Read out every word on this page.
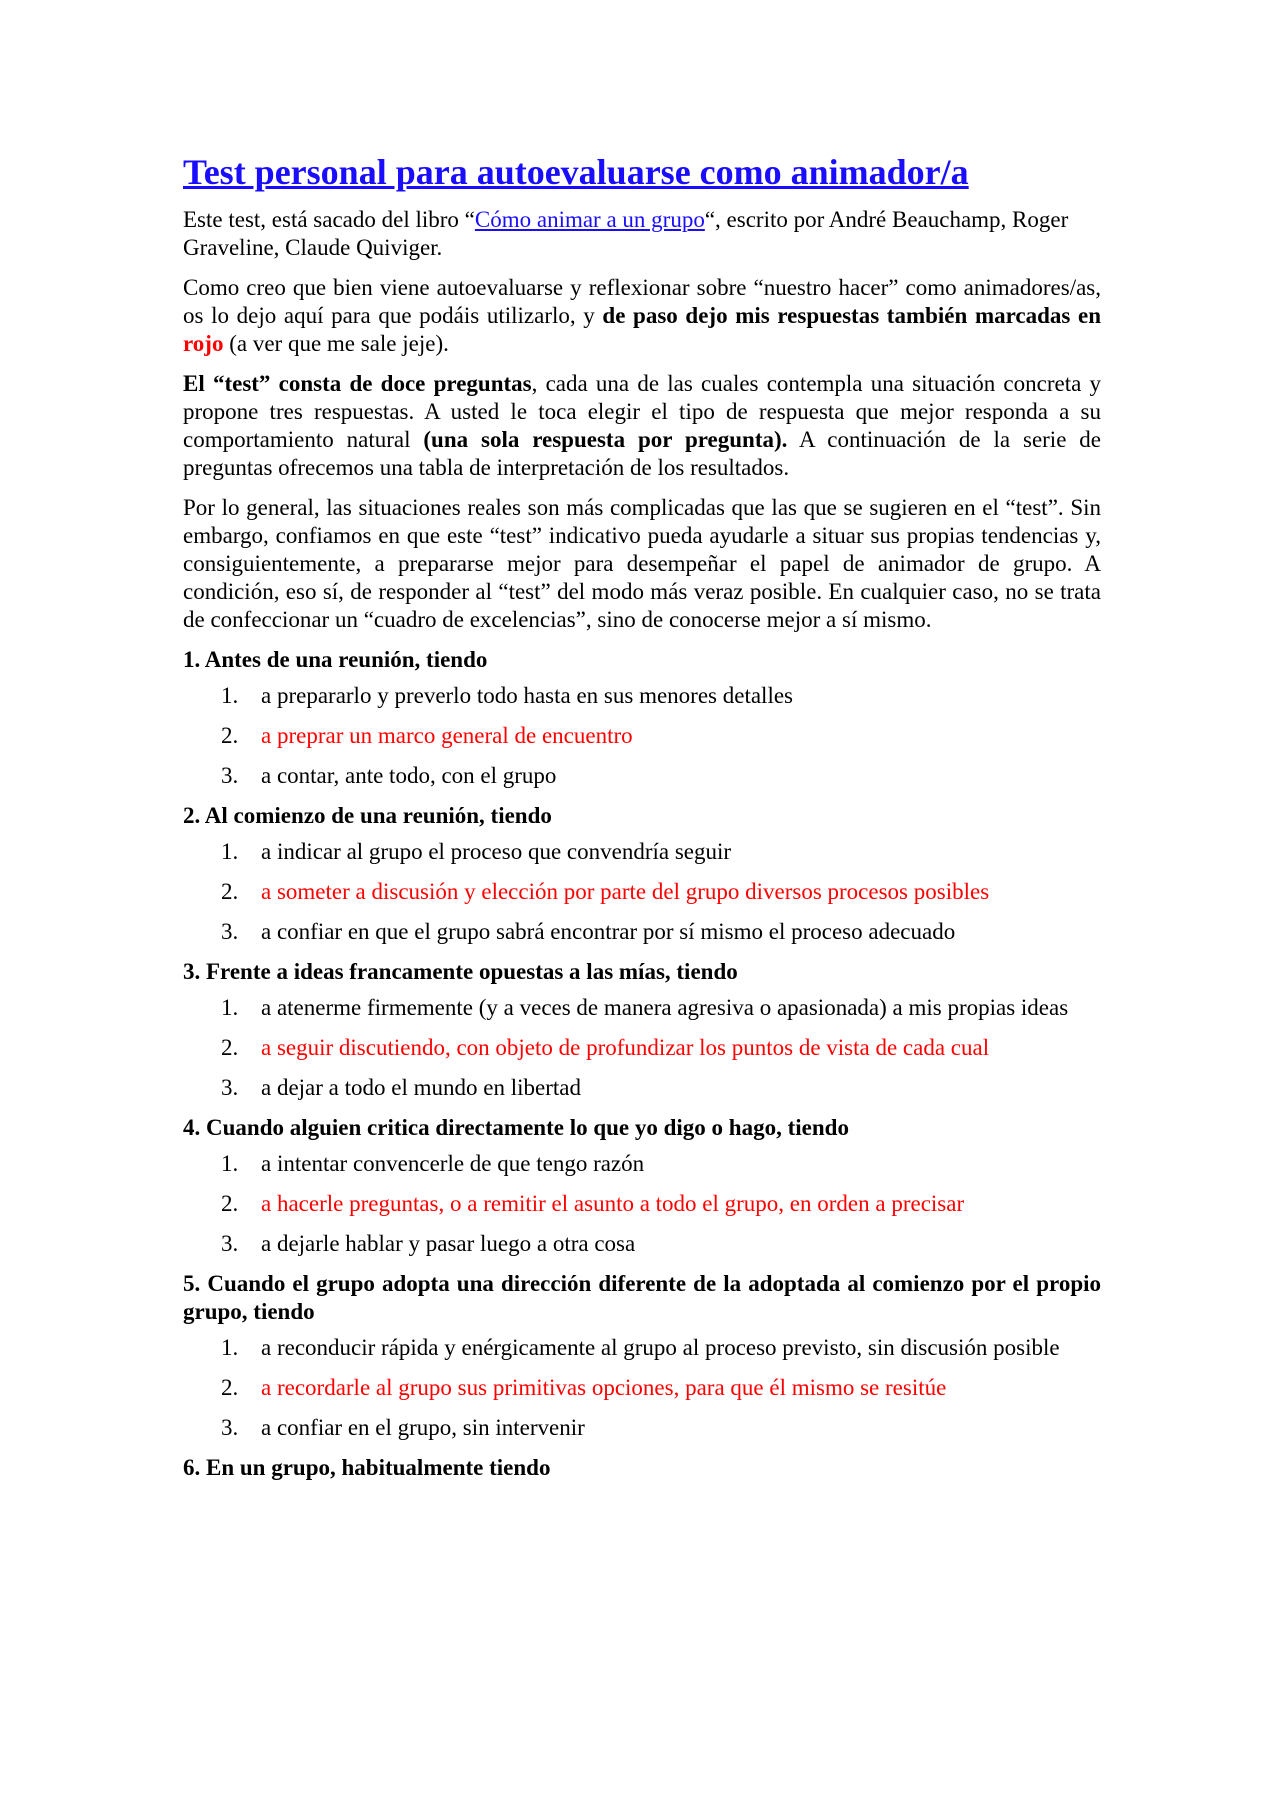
Test personal para autoevaluarse como animador/a

Este test, está sacado del libro “Cómo animar a un grupo“, escrito por André Beauchamp, Roger Graveline, Claude Quiviger.

Como creo que bien viene autoevaluarse y reflexionar sobre “nuestro hacer” como animadores/as, os lo dejo aquí para que podáis utilizarlo, y de paso dejo mis respuestas también marcadas en rojo (a ver que me sale jeje).

El “test” consta de doce preguntas, cada una de las cuales contempla una situación concreta y propone tres respuestas. A usted le toca elegir el tipo de respuesta que mejor responda a su comportamiento natural (una sola respuesta por pregunta). A continuación de la serie de preguntas ofrecemos una tabla de interpretación de los resultados.

Por lo general, las situaciones reales son más complicadas que las que se sugieren en el “test”. Sin embargo, confiamos en que este “test” indicativo pueda ayudarle a situar sus propias tendencias y, consiguientemente, a prepararse mejor para desempeñar el papel de animador de grupo. A condición, eso sí, de responder al “test” del modo más veraz posible. En cualquier caso, no se trata de confeccionar un “cuadro de excelencias”, sino de conocerse mejor a sí mismo.

1. Antes de una reunión, tiendo
1. a prepararlo y preverlo todo hasta en sus menores detalles
2. a preprar un marco general de encuentro
3. a contar, ante todo, con el grupo
2. Al comienzo de una reunión, tiendo
1. a indicar al grupo el proceso que convendría seguir
2. a someter a discusión y elección por parte del grupo diversos procesos posibles
3. a confiar en que el grupo sabrá encontrar por sí mismo el proceso adecuado
3. Frente a ideas francamente opuestas a las mías, tiendo
1. a atenerme firmemente (y a veces de manera agresiva o apasionada) a mis propias ideas
2. a seguir discutiendo, con objeto de profundizar los puntos de vista de cada cual
3. a dejar a todo el mundo en libertad
4. Cuando alguien critica directamente lo que yo digo o hago, tiendo
1. a intentar convencerle de que tengo razón
2. a hacerle preguntas, o a remitir el asunto a todo el grupo, en orden a precisar
3. a dejarle hablar y pasar luego a otra cosa
5. Cuando el grupo adopta una dirección diferente de la adoptada al comienzo por el propio grupo, tiendo
1. a reconducir rápida y enérgicamente al grupo al proceso previsto, sin discusión posible
2. a recordarle al grupo sus primitivas opciones, para que él mismo se resitúe
3. a confiar en el grupo, sin intervenir
6. En un grupo, habitualmente tiendo
